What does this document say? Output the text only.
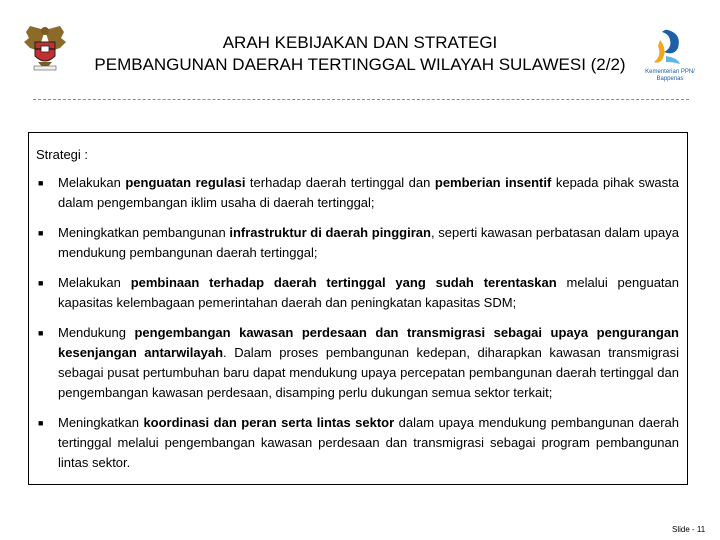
ARAH KEBIJAKAN DAN STRATEGI
PEMBANGUNAN DAERAH TERTINGGAL WILAYAH SULAWESI (2/2)	Kementerian PPN/
Bappenas
Strategi :
■ Melakukan penguatan regulasi terhadap daerah tertinggal dan pemberian insentif kepada pihak swasta dalam pengembangan iklim usaha di daerah tertinggal;
■ Meningkatkan pembangunan infrastruktur di daerah pinggiran, seperti kawasan perbatasan dalam upaya mendukung pembangunan daerah tertinggal;
■ Melakukan pembinaan terhadap daerah tertinggal yang sudah terentaskan melalui penguatan kapasitas kelembagaan pemerintahan daerah dan peningkatan kapasitas SDM;
■ Mendukung pengembangan kawasan perdesaan dan transmigrasi sebagai upaya pengurangan kesenjangan antarwilayah. Dalam proses pembangunan kedepan, diharapkan kawasan transmigrasi sebagai pusat pertumbuhan baru dapat mendukung upaya percepatan pembangunan daerah tertinggal dan pengembangan kawasan perdesaan, disamping perlu dukungan semua sektor terkait;
■ Meningkatkan koordinasi dan peran serta lintas sektor dalam upaya mendukung pembangunan daerah tertinggal melalui pengembangan kawasan perdesaan dan transmigrasi sebagai program pembangunan lintas sektor.
Slide - 11
